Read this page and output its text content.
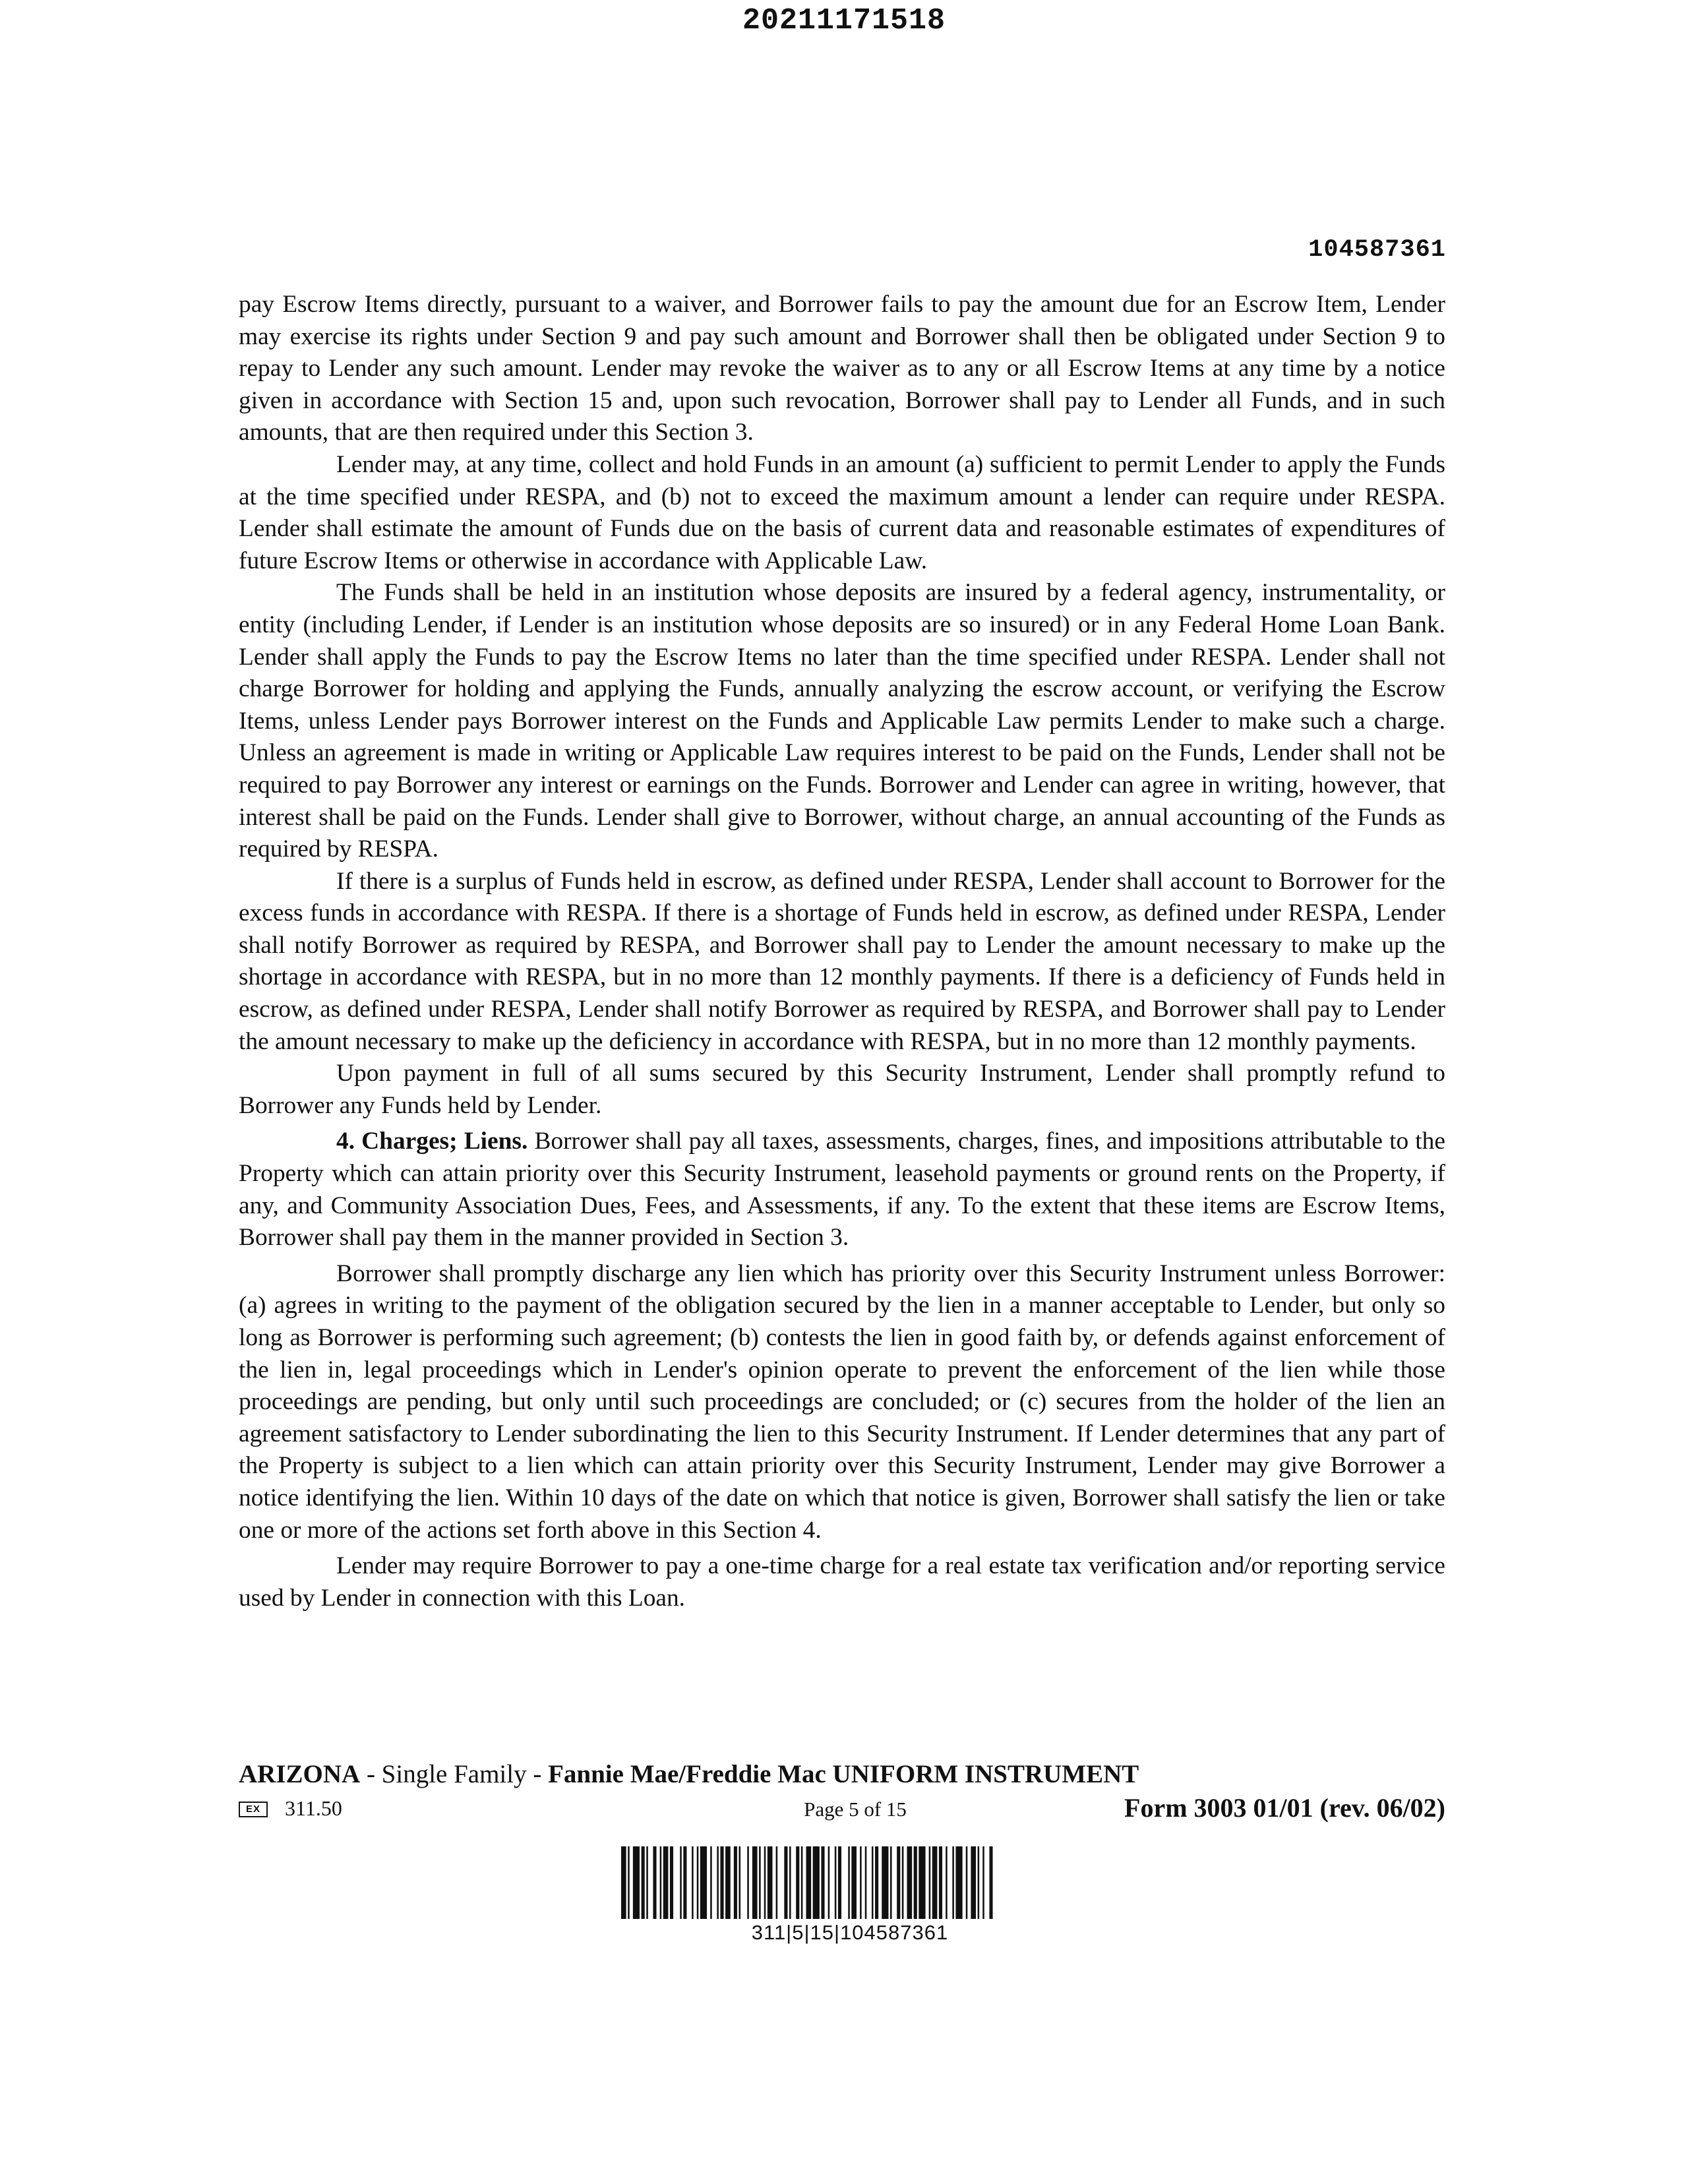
20211171518
104587361

pay Escrow Items directly, pursuant to a waiver, and Borrower fails to pay the amount due for an Escrow Item, Lender may exercise its rights under Section 9 and pay such amount and Borrower shall then be obligated under Section 9 to repay to Lender any such amount. Lender may revoke the waiver as to any or all Escrow Items at any time by a notice given in accordance with Section 15 and, upon such revocation, Borrower shall pay to Lender all Funds, and in such amounts, that are then required under this Section 3.

Lender may, at any time, collect and hold Funds in an amount (a) sufficient to permit Lender to apply the Funds at the time specified under RESPA, and (b) not to exceed the maximum amount a lender can require under RESPA. Lender shall estimate the amount of Funds due on the basis of current data and reasonable estimates of expenditures of future Escrow Items or otherwise in accordance with Applicable Law.

The Funds shall be held in an institution whose deposits are insured by a federal agency, instrumentality, or entity (including Lender, if Lender is an institution whose deposits are so insured) or in any Federal Home Loan Bank. Lender shall apply the Funds to pay the Escrow Items no later than the time specified under RESPA. Lender shall not charge Borrower for holding and applying the Funds, annually analyzing the escrow account, or verifying the Escrow Items, unless Lender pays Borrower interest on the Funds and Applicable Law permits Lender to make such a charge. Unless an agreement is made in writing or Applicable Law requires interest to be paid on the Funds, Lender shall not be required to pay Borrower any interest or earnings on the Funds. Borrower and Lender can agree in writing, however, that interest shall be paid on the Funds. Lender shall give to Borrower, without charge, an annual accounting of the Funds as required by RESPA.

If there is a surplus of Funds held in escrow, as defined under RESPA, Lender shall account to Borrower for the excess funds in accordance with RESPA. If there is a shortage of Funds held in escrow, as defined under RESPA, Lender shall notify Borrower as required by RESPA, and Borrower shall pay to Lender the amount necessary to make up the shortage in accordance with RESPA, but in no more than 12 monthly payments. If there is a deficiency of Funds held in escrow, as defined under RESPA, Lender shall notify Borrower as required by RESPA, and Borrower shall pay to Lender the amount necessary to make up the deficiency in accordance with RESPA, but in no more than 12 monthly payments.

Upon payment in full of all sums secured by this Security Instrument, Lender shall promptly refund to Borrower any Funds held by Lender.

4. Charges; Liens. Borrower shall pay all taxes, assessments, charges, fines, and impositions attributable to the Property which can attain priority over this Security Instrument, leasehold payments or ground rents on the Property, if any, and Community Association Dues, Fees, and Assessments, if any. To the extent that these items are Escrow Items, Borrower shall pay them in the manner provided in Section 3.

Borrower shall promptly discharge any lien which has priority over this Security Instrument unless Borrower: (a) agrees in writing to the payment of the obligation secured by the lien in a manner acceptable to Lender, but only so long as Borrower is performing such agreement; (b) contests the lien in good faith by, or defends against enforcement of the lien in, legal proceedings which in Lender's opinion operate to prevent the enforcement of the lien while those proceedings are pending, but only until such proceedings are concluded; or (c) secures from the holder of the lien an agreement satisfactory to Lender subordinating the lien to this Security Instrument. If Lender determines that any part of the Property is subject to a lien which can attain priority over this Security Instrument, Lender may give Borrower a notice identifying the lien. Within 10 days of the date on which that notice is given, Borrower shall satisfy the lien or take one or more of the actions set forth above in this Section 4.

Lender may require Borrower to pay a one-time charge for a real estate tax verification and/or reporting service used by Lender in connection with this Loan.

ARIZONA - Single Family - Fannie Mae/Freddie Mac UNIFORM INSTRUMENT
EX	311.50	Page 5 of 15	Form 3003 01/01 (rev. 06/02)
311|5|15|104587361
